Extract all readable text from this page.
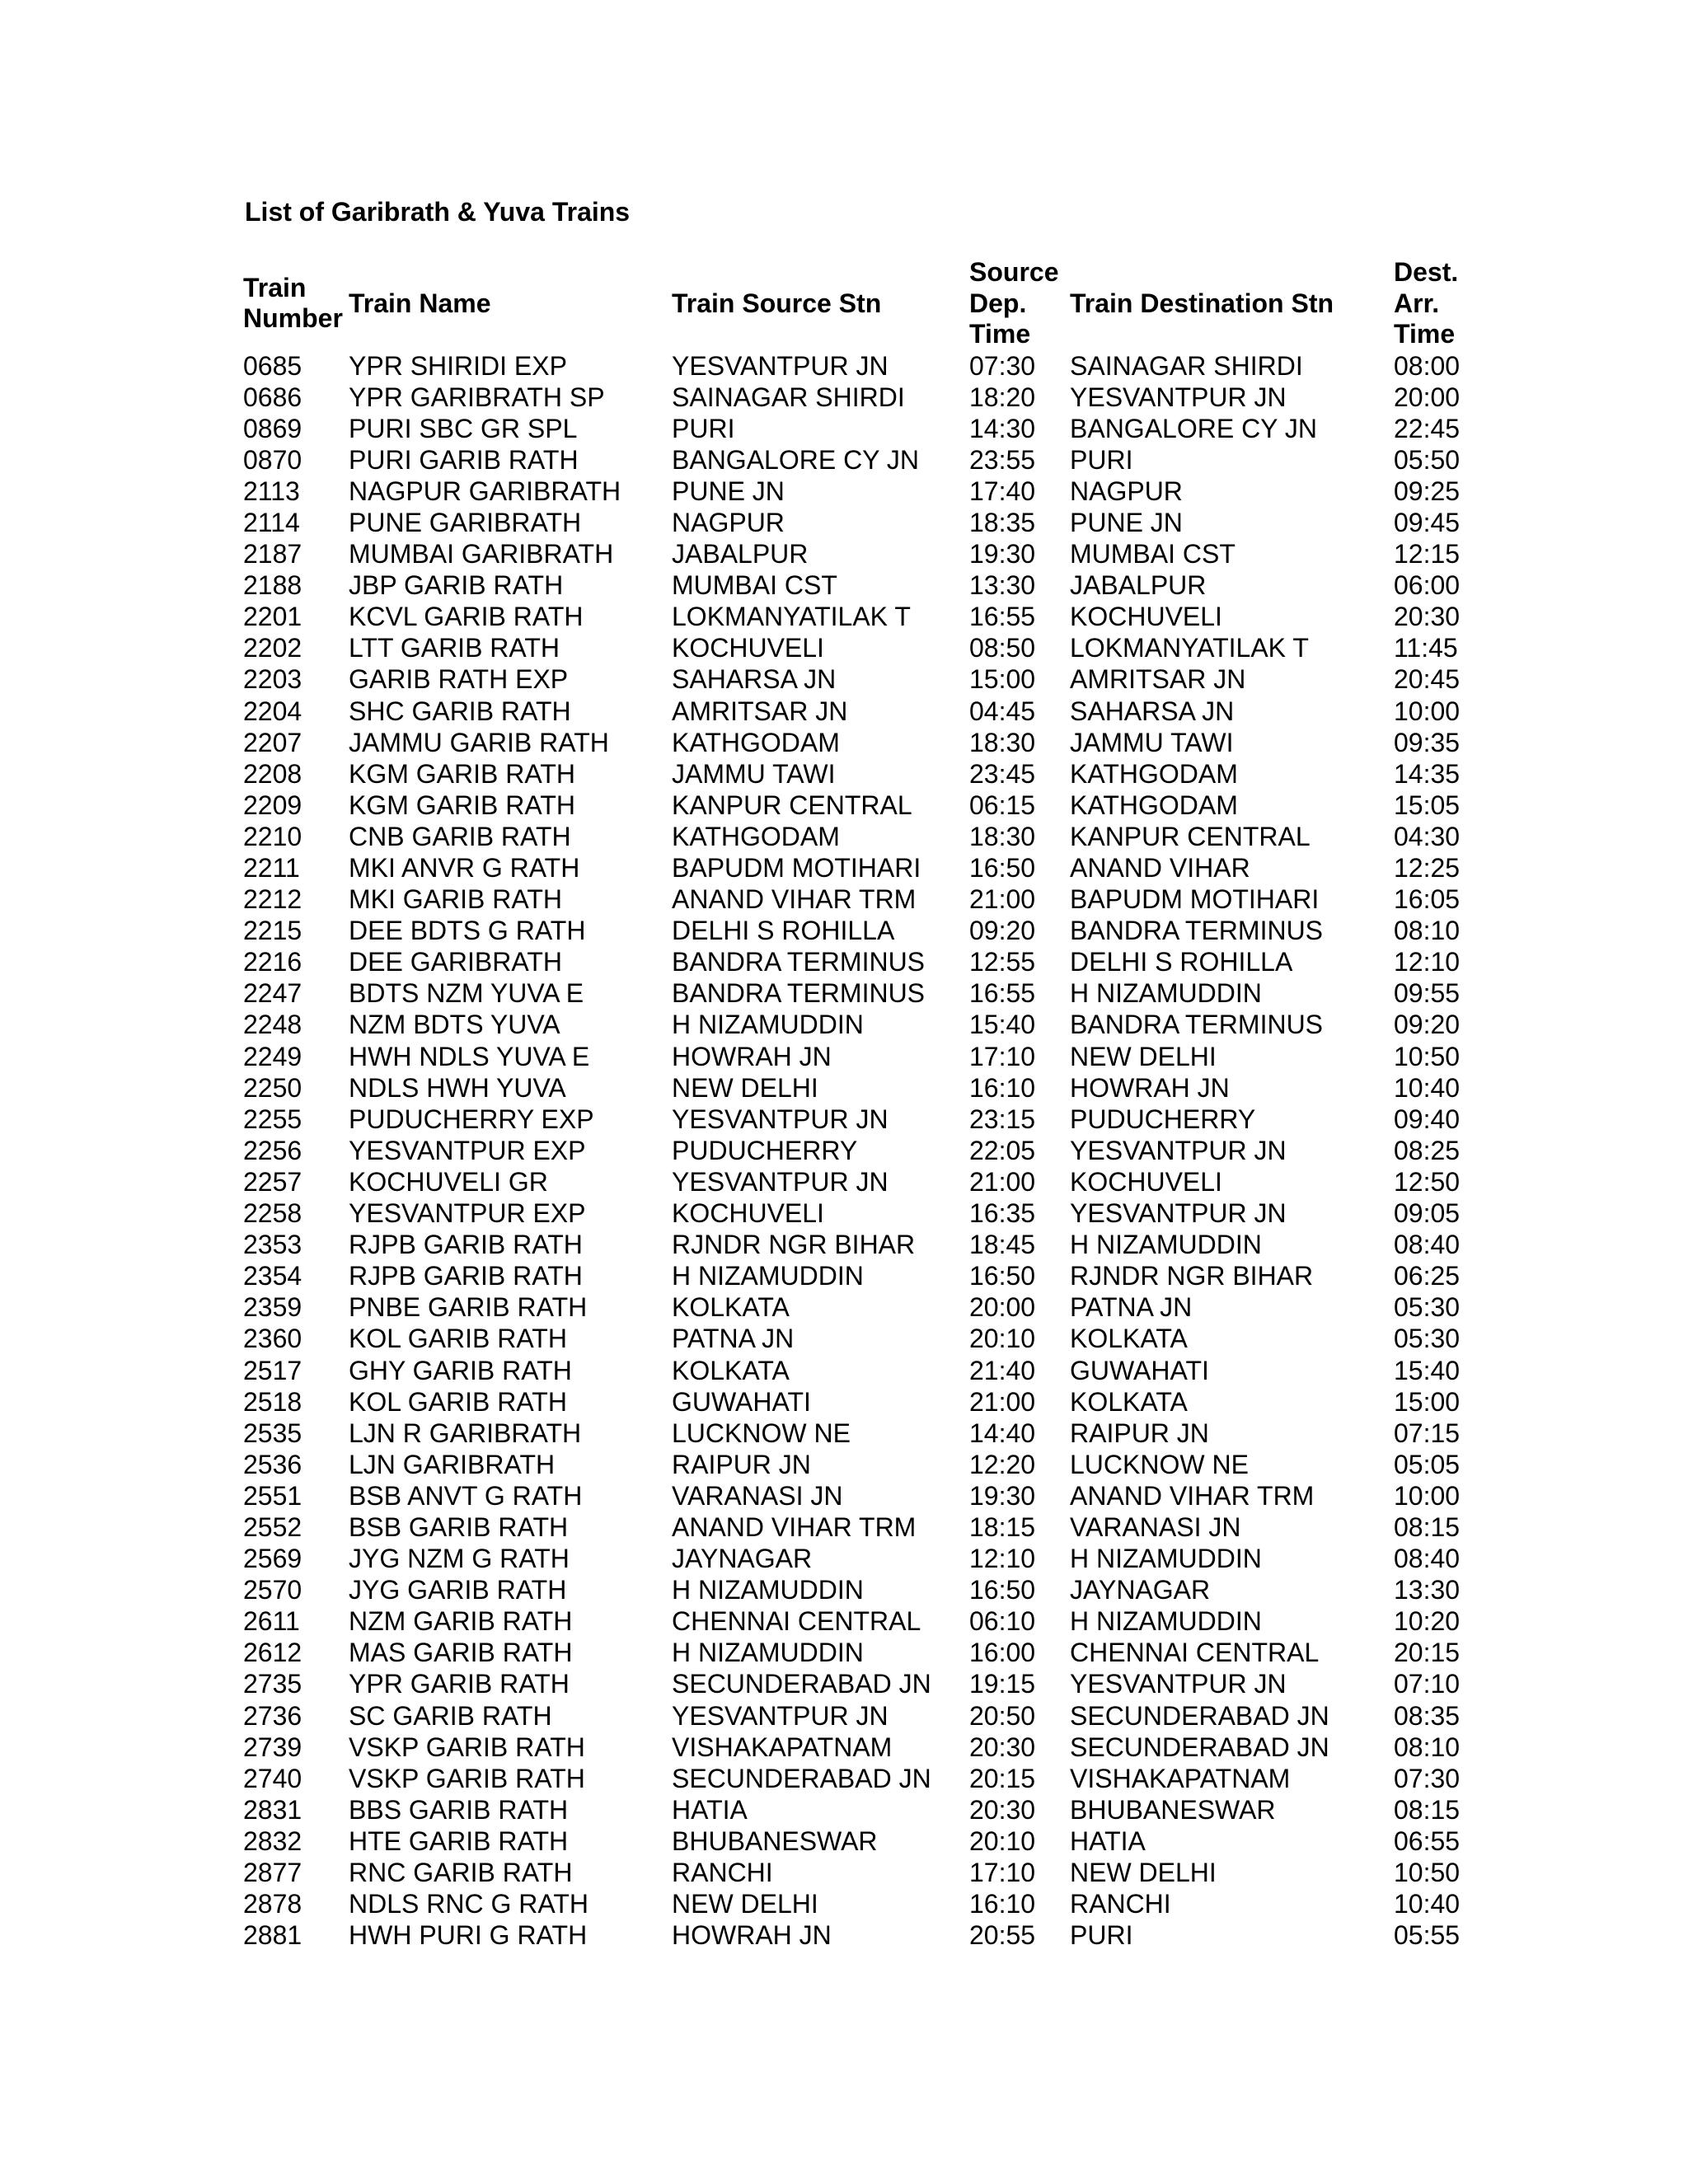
List of Garibrath & Yuva Trains
Train
Number	Train Name	Train Source Stn	Source
Dep.
Time	Train Destination Stn	Dest.
Arr.
Time

0685	YPR SHIRIDI EXP	YESVANTPUR JN	07:30	SAINAGAR SHIRDI	08:00
0686	YPR GARIBRATH SP	SAINAGAR SHIRDI	18:20	YESVANTPUR JN	20:00
0869	PURI SBC GR SPL	PURI	14:30	BANGALORE CY JN	22:45
0870	PURI GARIB RATH	BANGALORE CY JN	23:55	PURI	05:50
2113	NAGPUR GARIBRATH	PUNE JN	17:40	NAGPUR	09:25
2114	PUNE GARIBRATH	NAGPUR	18:35	PUNE JN	09:45
2187	MUMBAI GARIBRATH	JABALPUR	19:30	MUMBAI CST	12:15
2188	JBP GARIB RATH	MUMBAI CST	13:30	JABALPUR	06:00
2201	KCVL GARIB RATH	LOKMANYATILAK T	16:55	KOCHUVELI	20:30
2202	LTT GARIB RATH	KOCHUVELI	08:50	LOKMANYATILAK T	11:45
2203	GARIB RATH EXP	SAHARSA JN	15:00	AMRITSAR JN	20:45
2204	SHC GARIB RATH	AMRITSAR JN	04:45	SAHARSA JN	10:00
2207	JAMMU GARIB RATH	KATHGODAM	18:30	JAMMU TAWI	09:35
2208	KGM GARIB RATH	JAMMU TAWI	23:45	KATHGODAM	14:35
2209	KGM GARIB RATH	KANPUR CENTRAL	06:15	KATHGODAM	15:05
2210	CNB GARIB RATH	KATHGODAM	18:30	KANPUR CENTRAL	04:30
2211	MKI ANVR G RATH	BAPUDM MOTIHARI	16:50	ANAND VIHAR	12:25
2212	MKI GARIB RATH	ANAND VIHAR TRM	21:00	BAPUDM MOTIHARI	16:05
2215	DEE BDTS G RATH	DELHI S ROHILLA	09:20	BANDRA TERMINUS	08:10
2216	DEE GARIBRATH	BANDRA TERMINUS	12:55	DELHI S ROHILLA	12:10
2247	BDTS NZM YUVA E	BANDRA TERMINUS	16:55	H NIZAMUDDIN	09:55
2248	NZM BDTS YUVA	H NIZAMUDDIN	15:40	BANDRA TERMINUS	09:20
2249	HWH NDLS YUVA E	HOWRAH JN	17:10	NEW DELHI	10:50
2250	NDLS HWH YUVA	NEW DELHI	16:10	HOWRAH JN	10:40
2255	PUDUCHERRY EXP	YESVANTPUR JN	23:15	PUDUCHERRY	09:40
2256	YESVANTPUR EXP	PUDUCHERRY	22:05	YESVANTPUR JN	08:25
2257	KOCHUVELI GR	YESVANTPUR JN	21:00	KOCHUVELI	12:50
2258	YESVANTPUR EXP	KOCHUVELI	16:35	YESVANTPUR JN	09:05
2353	RJPB GARIB RATH	RJNDR NGR BIHAR	18:45	H NIZAMUDDIN	08:40
2354	RJPB GARIB RATH	H NIZAMUDDIN	16:50	RJNDR NGR BIHAR	06:25
2359	PNBE GARIB RATH	KOLKATA	20:00	PATNA JN	05:30
2360	KOL GARIB RATH	PATNA JN	20:10	KOLKATA	05:30
2517	GHY GARIB RATH	KOLKATA	21:40	GUWAHATI	15:40
2518	KOL GARIB RATH	GUWAHATI	21:00	KOLKATA	15:00
2535	LJN R GARIBRATH	LUCKNOW NE	14:40	RAIPUR JN	07:15
2536	LJN GARIBRATH	RAIPUR JN	12:20	LUCKNOW NE	05:05
2551	BSB ANVT G RATH	VARANASI JN	19:30	ANAND VIHAR TRM	10:00
2552	BSB GARIB RATH	ANAND VIHAR TRM	18:15	VARANASI JN	08:15
2569	JYG NZM G RATH	JAYNAGAR	12:10	H NIZAMUDDIN	08:40
2570	JYG GARIB RATH	H NIZAMUDDIN	16:50	JAYNAGAR	13:30
2611	NZM GARIB RATH	CHENNAI CENTRAL	06:10	H NIZAMUDDIN	10:20
2612	MAS GARIB RATH	H NIZAMUDDIN	16:00	CHENNAI CENTRAL	20:15
2735	YPR GARIB RATH	SECUNDERABAD JN	19:15	YESVANTPUR JN	07:10
2736	SC GARIB RATH	YESVANTPUR JN	20:50	SECUNDERABAD JN	08:35
2739	VSKP GARIB RATH	VISHAKAPATNAM	20:30	SECUNDERABAD JN	08:10
2740	VSKP GARIB RATH	SECUNDERABAD JN	20:15	VISHAKAPATNAM	07:30
2831	BBS GARIB RATH	HATIA	20:30	BHUBANESWAR	08:15
2832	HTE GARIB RATH	BHUBANESWAR	20:10	HATIA	06:55
2877	RNC GARIB RATH	RANCHI	17:10	NEW DELHI	10:50
2878	NDLS RNC G RATH	NEW DELHI	16:10	RANCHI	10:40
2881	HWH PURI G RATH	HOWRAH JN	20:55	PURI	05:55
